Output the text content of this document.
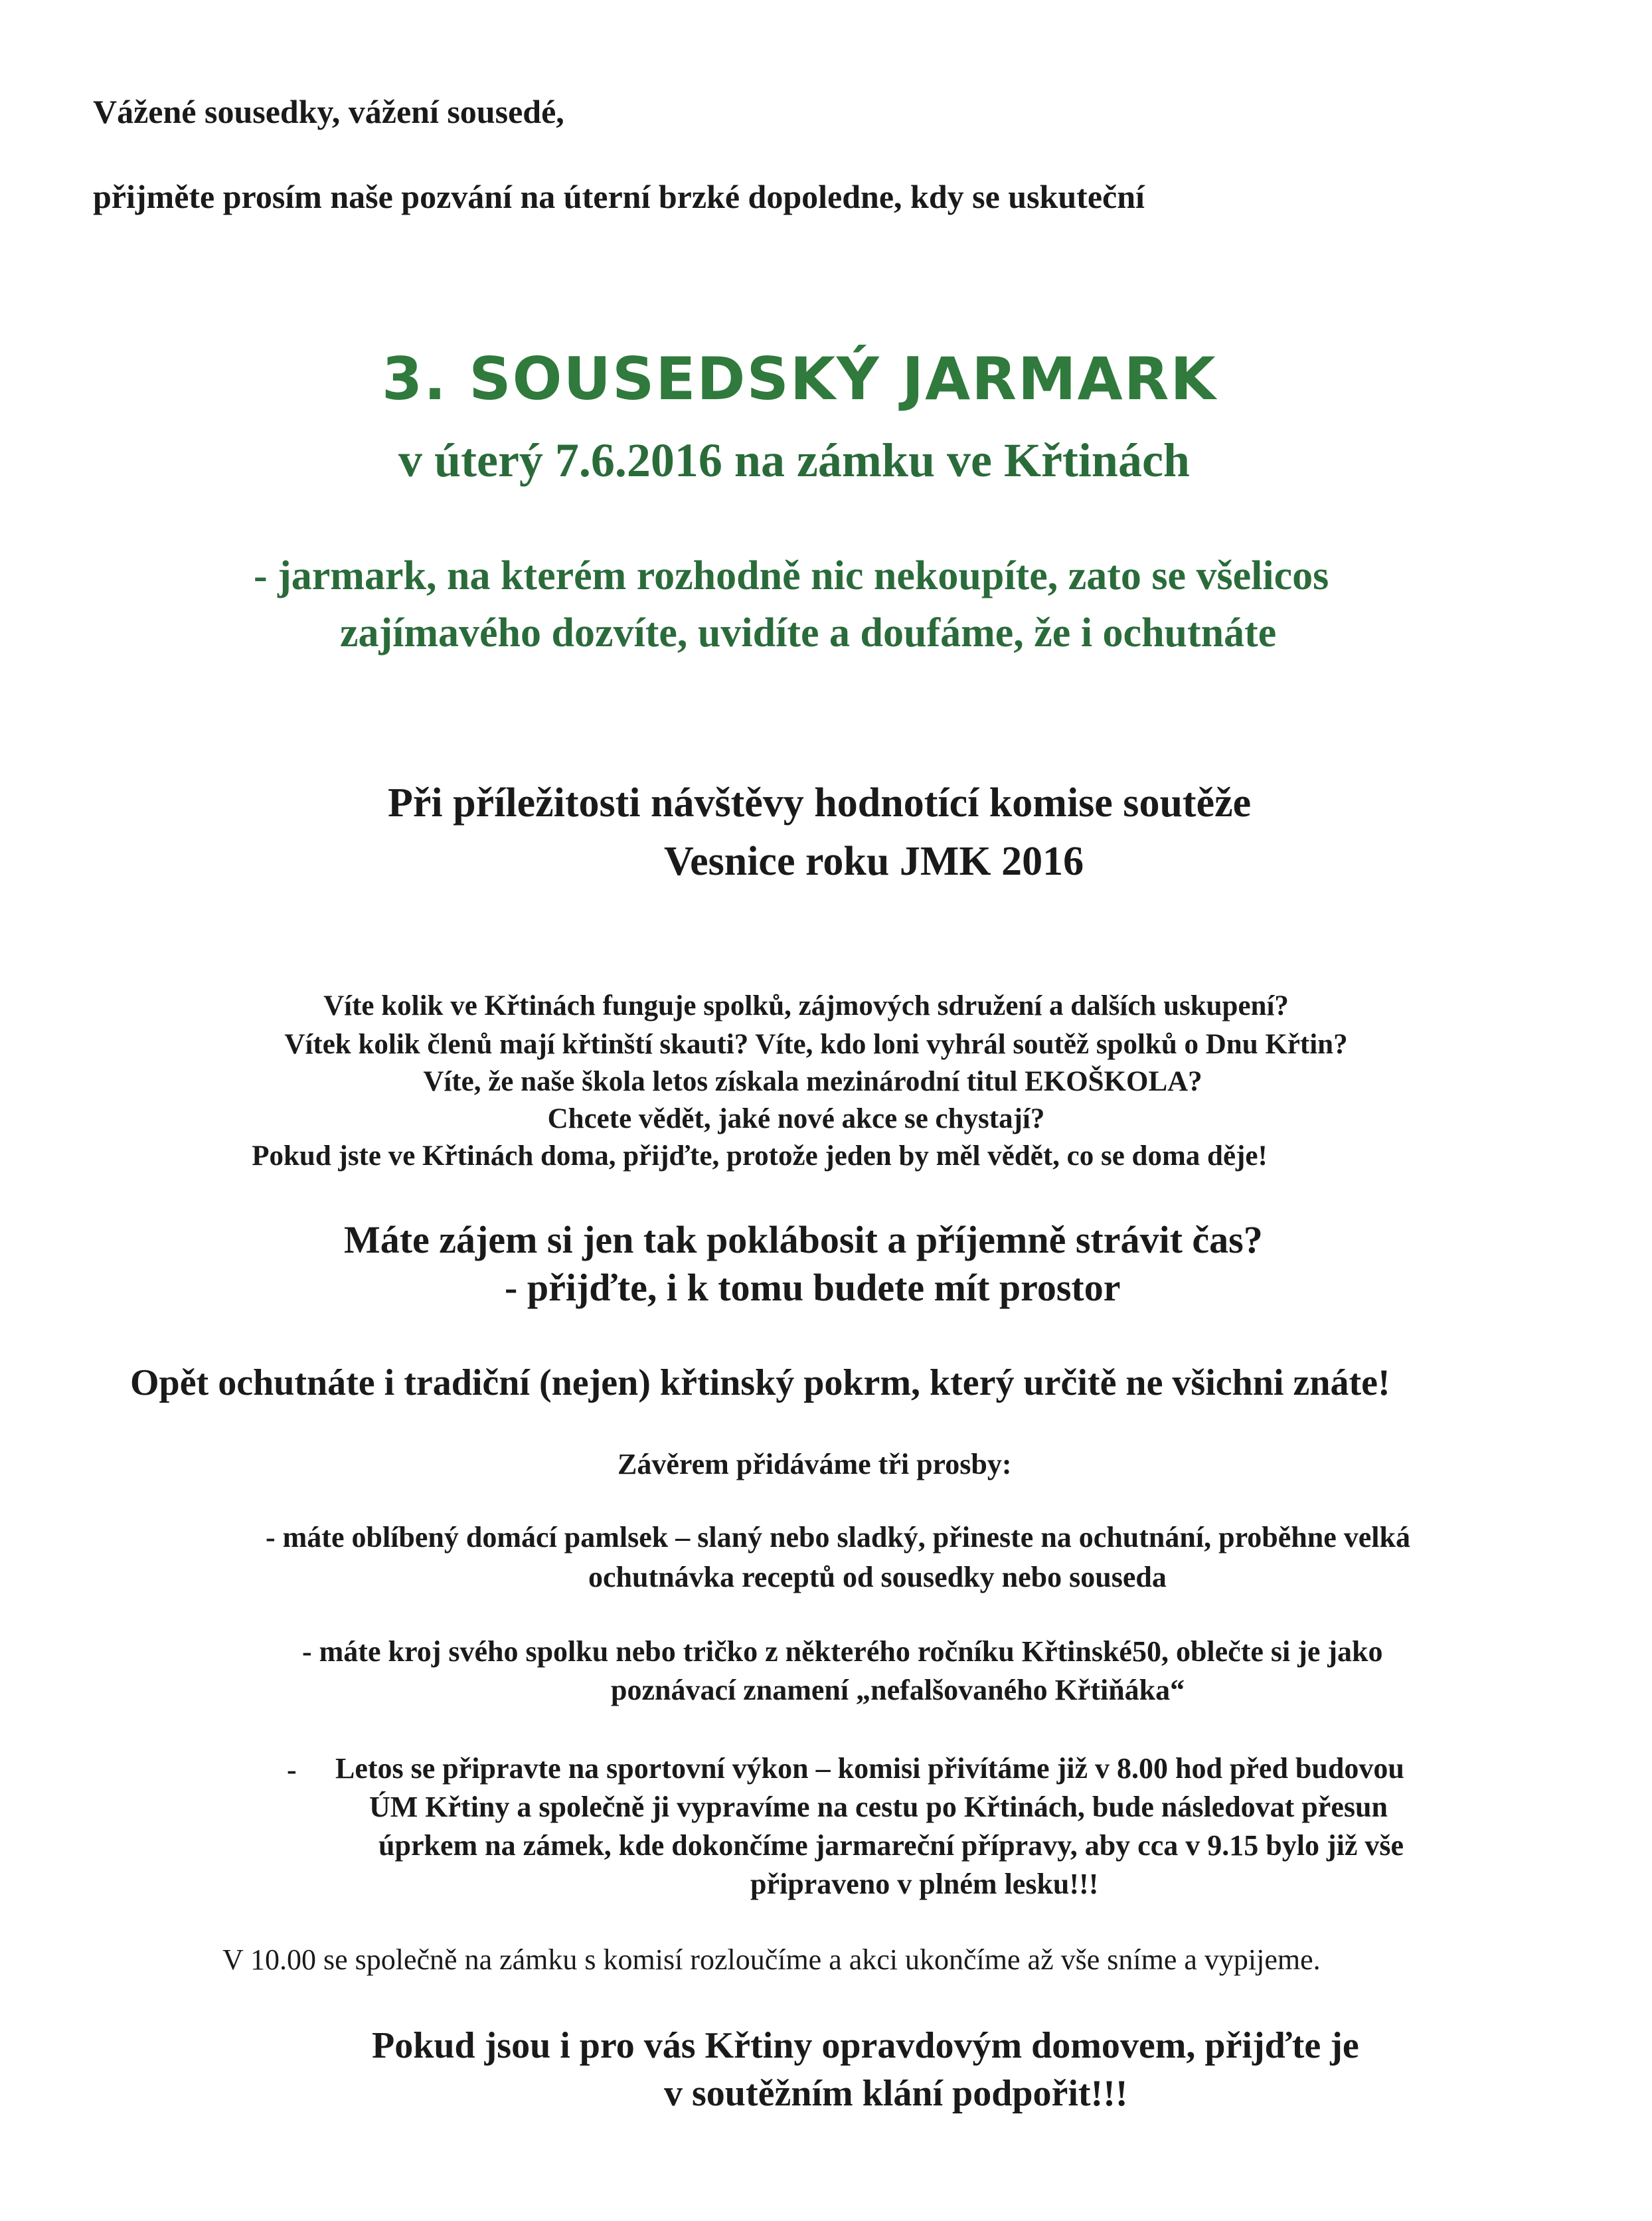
Vážené sousedky, vážení sousedé,

přijměte prosím naše pozvání na úterní brzké dopoledne, kdy se uskuteční

3. SOUSEDSKÝ JARMARK

v úterý 7.6.2016 na zámku ve Křtinách

- jarmark, na kterém rozhodně nic nekoupíte, zato se všelicos

zajímavého dozvíte, uvidíte a doufáme, že i ochutnáte

Při příležitosti návštěvy hodnotící komise soutěže

Vesnice roku JMK 2016

Víte kolik ve Křtinách funguje spolků, zájmových sdružení a dalších uskupení?

Vítek kolik členů mají křtinští skauti? Víte, kdo loni vyhrál soutěž spolků o Dnu Křtin?

Víte, že naše škola letos získala mezinárodní titul EKOŠKOLA?

Chcete vědět, jaké nové akce se chystají?

Pokud jste ve Křtinách doma, přijďte, protože jeden by měl vědět, co se doma děje!

Máte zájem si jen tak poklábosit a příjemně strávit čas?

- přijďte, i k tomu budete mít prostor

Opět ochutnáte i tradiční (nejen) křtinský pokrm, který určitě ne všichni znáte!

Závěrem přidáváme tři prosby:

- máte oblíbený domácí pamlsek – slaný nebo sladký, přineste na ochutnání, proběhne velká

ochutnávka receptů od sousedky nebo souseda

- máte kroj svého spolku nebo tričko z některého ročníku Křtinské50, oblečte si je jako

poznávací znamení „nefalšovaného Křtiňáka“

- Letos se připravte na sportovní výkon – komisi přivítáme již v 8.00 hod před budovou

ÚM Křtiny a společně ji vypravíme na cestu po Křtinách, bude následovat přesun

úprkem na zámek, kde dokončíme jarmareční přípravy, aby cca v 9.15 bylo již vše

připraveno v plném lesku!!!

V 10.00 se společně na zámku s komisí rozloučíme a akci ukončíme až vše sníme a vypijeme.

Pokud jsou i pro vás Křtiny opravdovým domovem, přijďte je

v soutěžním klání podpořit!!!
